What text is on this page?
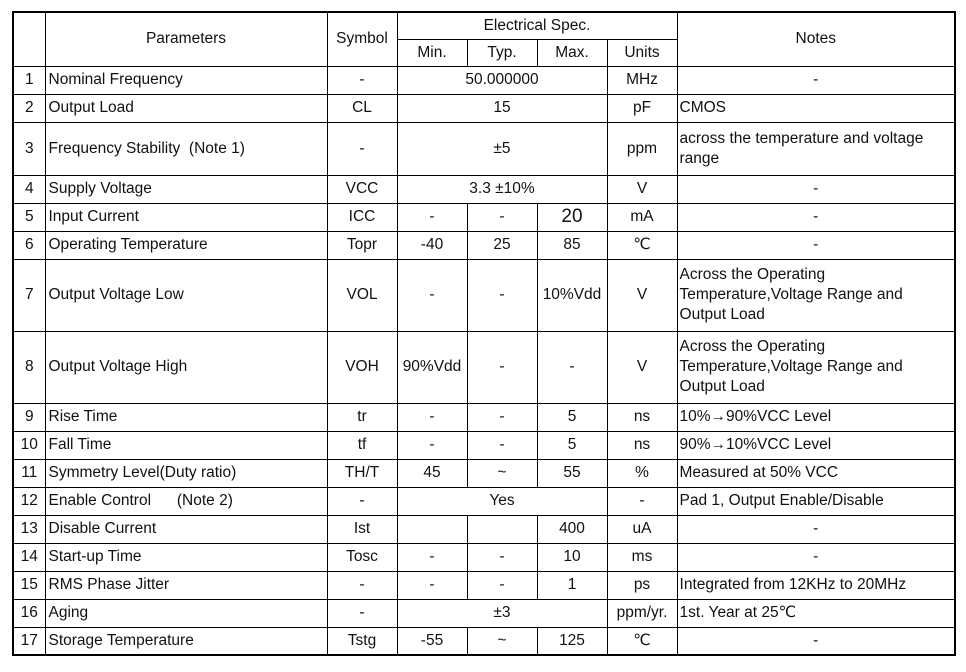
	Parameters	Symbol	Electrical Spec.				Notes
			Min.	Typ.	Max.	Units	
1	Nominal Frequency	-	50.000000			MHz	-
2	Output Load	CL	15			pF	CMOS
3	Frequency Stability  (Note 1)	-	±5			ppm	across the temperature and voltage range
4	Supply Voltage	VCC	3.3 ±10%			V	-
5	Input Current	ICC	-	-	20	mA	-
6	Operating Temperature	Topr	-40	25	85	℃	-
7	Output Voltage Low	VOL	-	-	10%Vdd	V	Across the Operating Temperature,Voltage Range and Output Load
8	Output Voltage High	VOH	90%Vdd	-	-	V	Across the Operating Temperature,Voltage Range and Output Load
9	Rise Time	tr	-	-	5	ns	10%→90%VCC Level
10	Fall Time	tf	-	-	5	ns	90%→10%VCC Level
11	Symmetry Level(Duty ratio)	TH/T	45	~	55	%	Measured at 50% VCC
12	Enable Control      (Note 2)	-	Yes			-	Pad 1, Output Enable/Disable
13	Disable Current	Ist			400	uA	-
14	Start-up Time	Tosc	-	-	10	ms	-
15	RMS Phase Jitter	-	-	-	1	ps	Integrated from 12KHz to 20MHz
16	Aging	-	±3			ppm/yr.	1st. Year at 25℃
17	Storage Temperature	Tstg	-55	~	125	℃	-
